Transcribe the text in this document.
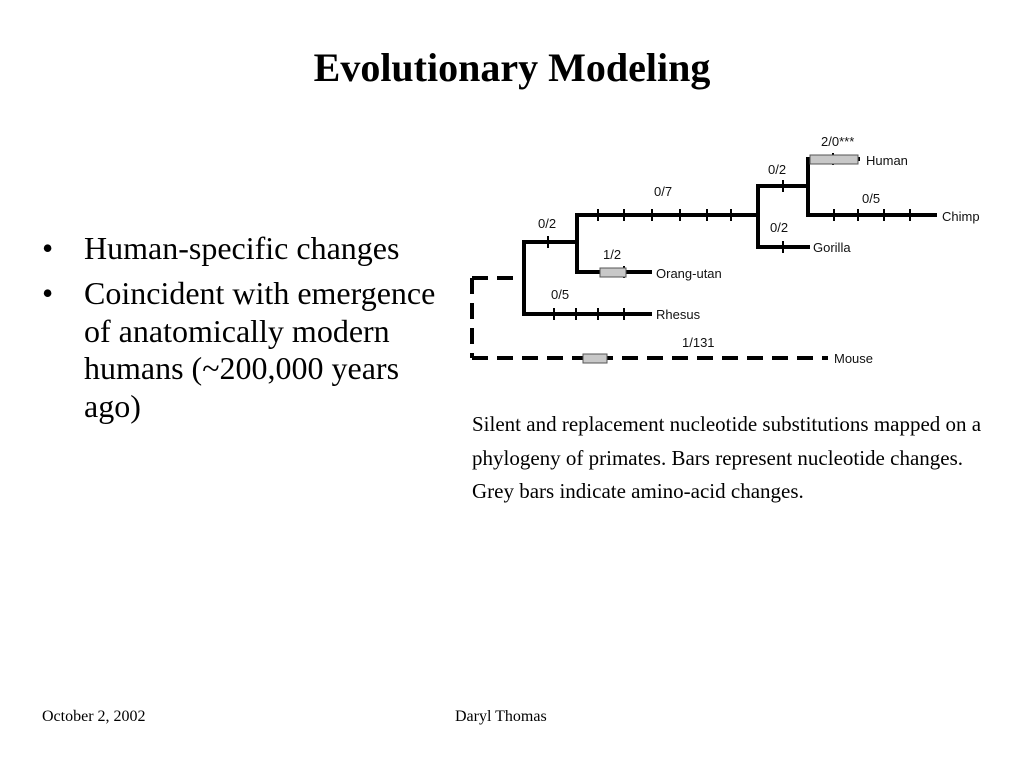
Evolutionary Modeling
• Human-specific changes
• Coincident with emergence of anatomically modern humans (~200,000 years ago)
2/0***
0/5
0/2
0/2
0/7
0/2
1/2
0/5
1/131
Human
Chimp
Gorilla
Orang-utan
Rhesus
Mouse

Silent and replacement nucleotide substitutions mapped on a phylogeny of primates. Bars represent nucleotide changes. Grey bars indicate amino-acid changes.

October 2, 2002	Daryl Thomas
